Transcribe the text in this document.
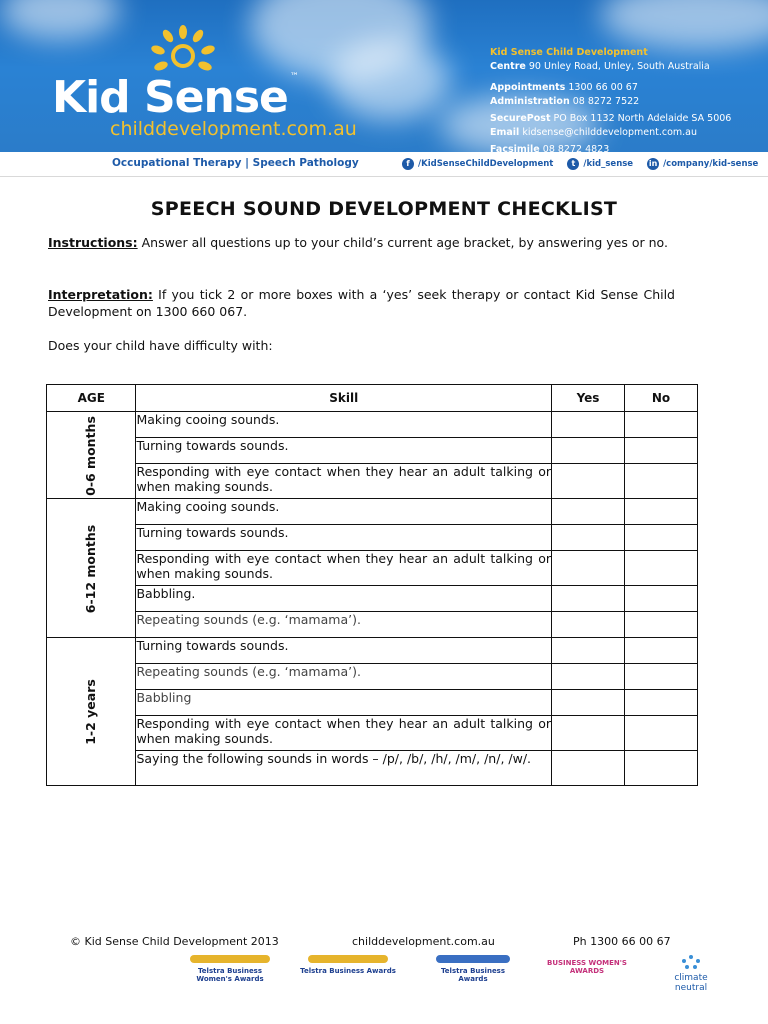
Kid Sense ™
childdevelopment.com.au
Kid Sense Child Development
Centre 90 Unley Road, Unley, South Australia
Appointments 1300 66 00 67
Administration 08 8272 7522
SecurePost PO Box 1132 North Adelaide SA 5006
Email kidsense@childdevelopment.com.au
Facsimile 08 8272 4823
Occupational Therapy | Speech Pathology	f /KidSenseChildDevelopment	t /kid_sense in /company/kid-sense
SPEECH SOUND DEVELOPMENT CHECKLIST
Instructions: Answer all questions up to your child’s current age bracket, by answering yes or no.
Interpretation: If you tick 2 or more boxes with a ‘yes’ seek therapy or contact Kid Sense Child Development on 1300 660 067.
Does your child have difficulty with:
AGE	Skill	Yes	No
0-6 months	Making cooing sounds.		
	Turning towards sounds.		
	Responding with eye contact when they hear an adult talking or when making sounds.		
6-12 months	Making cooing sounds.		
	Turning towards sounds.		
	Responding with eye contact when they hear an adult talking or when making sounds.		
	Babbling.		
	Repeating sounds (e.g. ‘mamama’).		
1-2 years	Turning towards sounds.		
	Repeating sounds (e.g. ‘mamama’).		
	Babbling		
	Responding with eye contact when they hear an adult talking or when making sounds.		
	Saying the following sounds in words – /p/, /b/, /h/, /m/, /n/, /w/.		
© Kid Sense Child Development 2013	childdevelopment.com.au	Ph 1300 66 00 67
Telstra Business Women's Awards
Telstra Business Awards	Telstra Business Awards
BUSINESS WOMEN'S AWARDS
climate neutral
